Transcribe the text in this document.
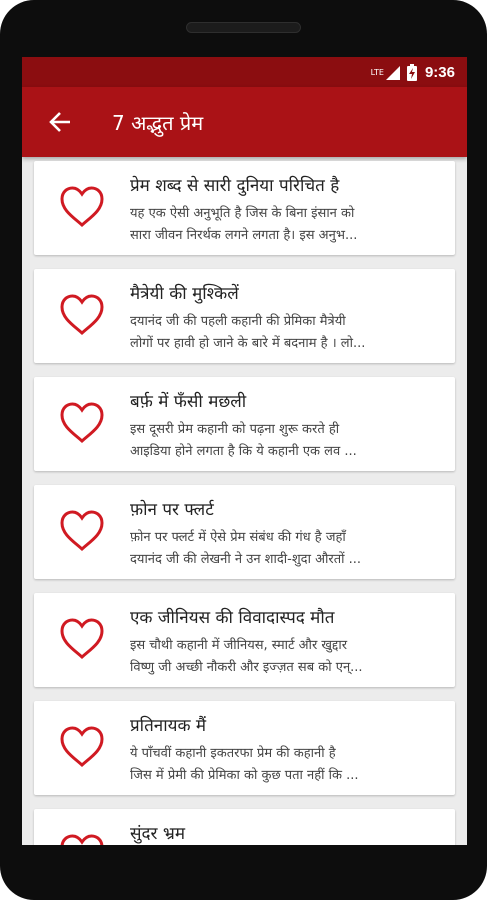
LTE	9:36
7 अद्भुत प्रेम
प्रेम शब्द से सारी दुनिया परिचित है
यह एक ऐसी अनुभूति है जिस के बिना इंसान को
सारा जीवन निरर्थक लगने लगता है। इस अनुभ...
मैत्रेयी की मुश्किलें
दयानंद जी की पहली कहानी की प्रेमिका मैत्रेयी
लोगों पर हावी हो जाने के बारे में बदनाम है । लो...
बर्फ़ में फँसी मछली
इस दूसरी प्रेम कहानी को पढ़ना शुरू करते ही
आइडिया होने लगता है कि ये कहानी एक लव ...
फ़ोन पर फ्लर्ट
फ़ोन पर फ्लर्ट में ऐसे प्रेम संबंध की गंध है जहाँ
दयानंद जी की लेखनी ने उन शादी-शुदा औरतों ...
एक जीनियस की विवादास्पद मौत
इस चौथी कहानी में जीनियस, स्मार्ट और खुद्दार
विष्णु जी अच्छी नौकरी और इज्ज़त सब को एन्...
प्रतिनायक मैं
ये पाँचवीं कहानी इकतरफा प्रेम की कहानी है
जिस में प्रेमी की प्रेमिका को कुछ पता नहीं कि ...
सुंदर भ्रम
